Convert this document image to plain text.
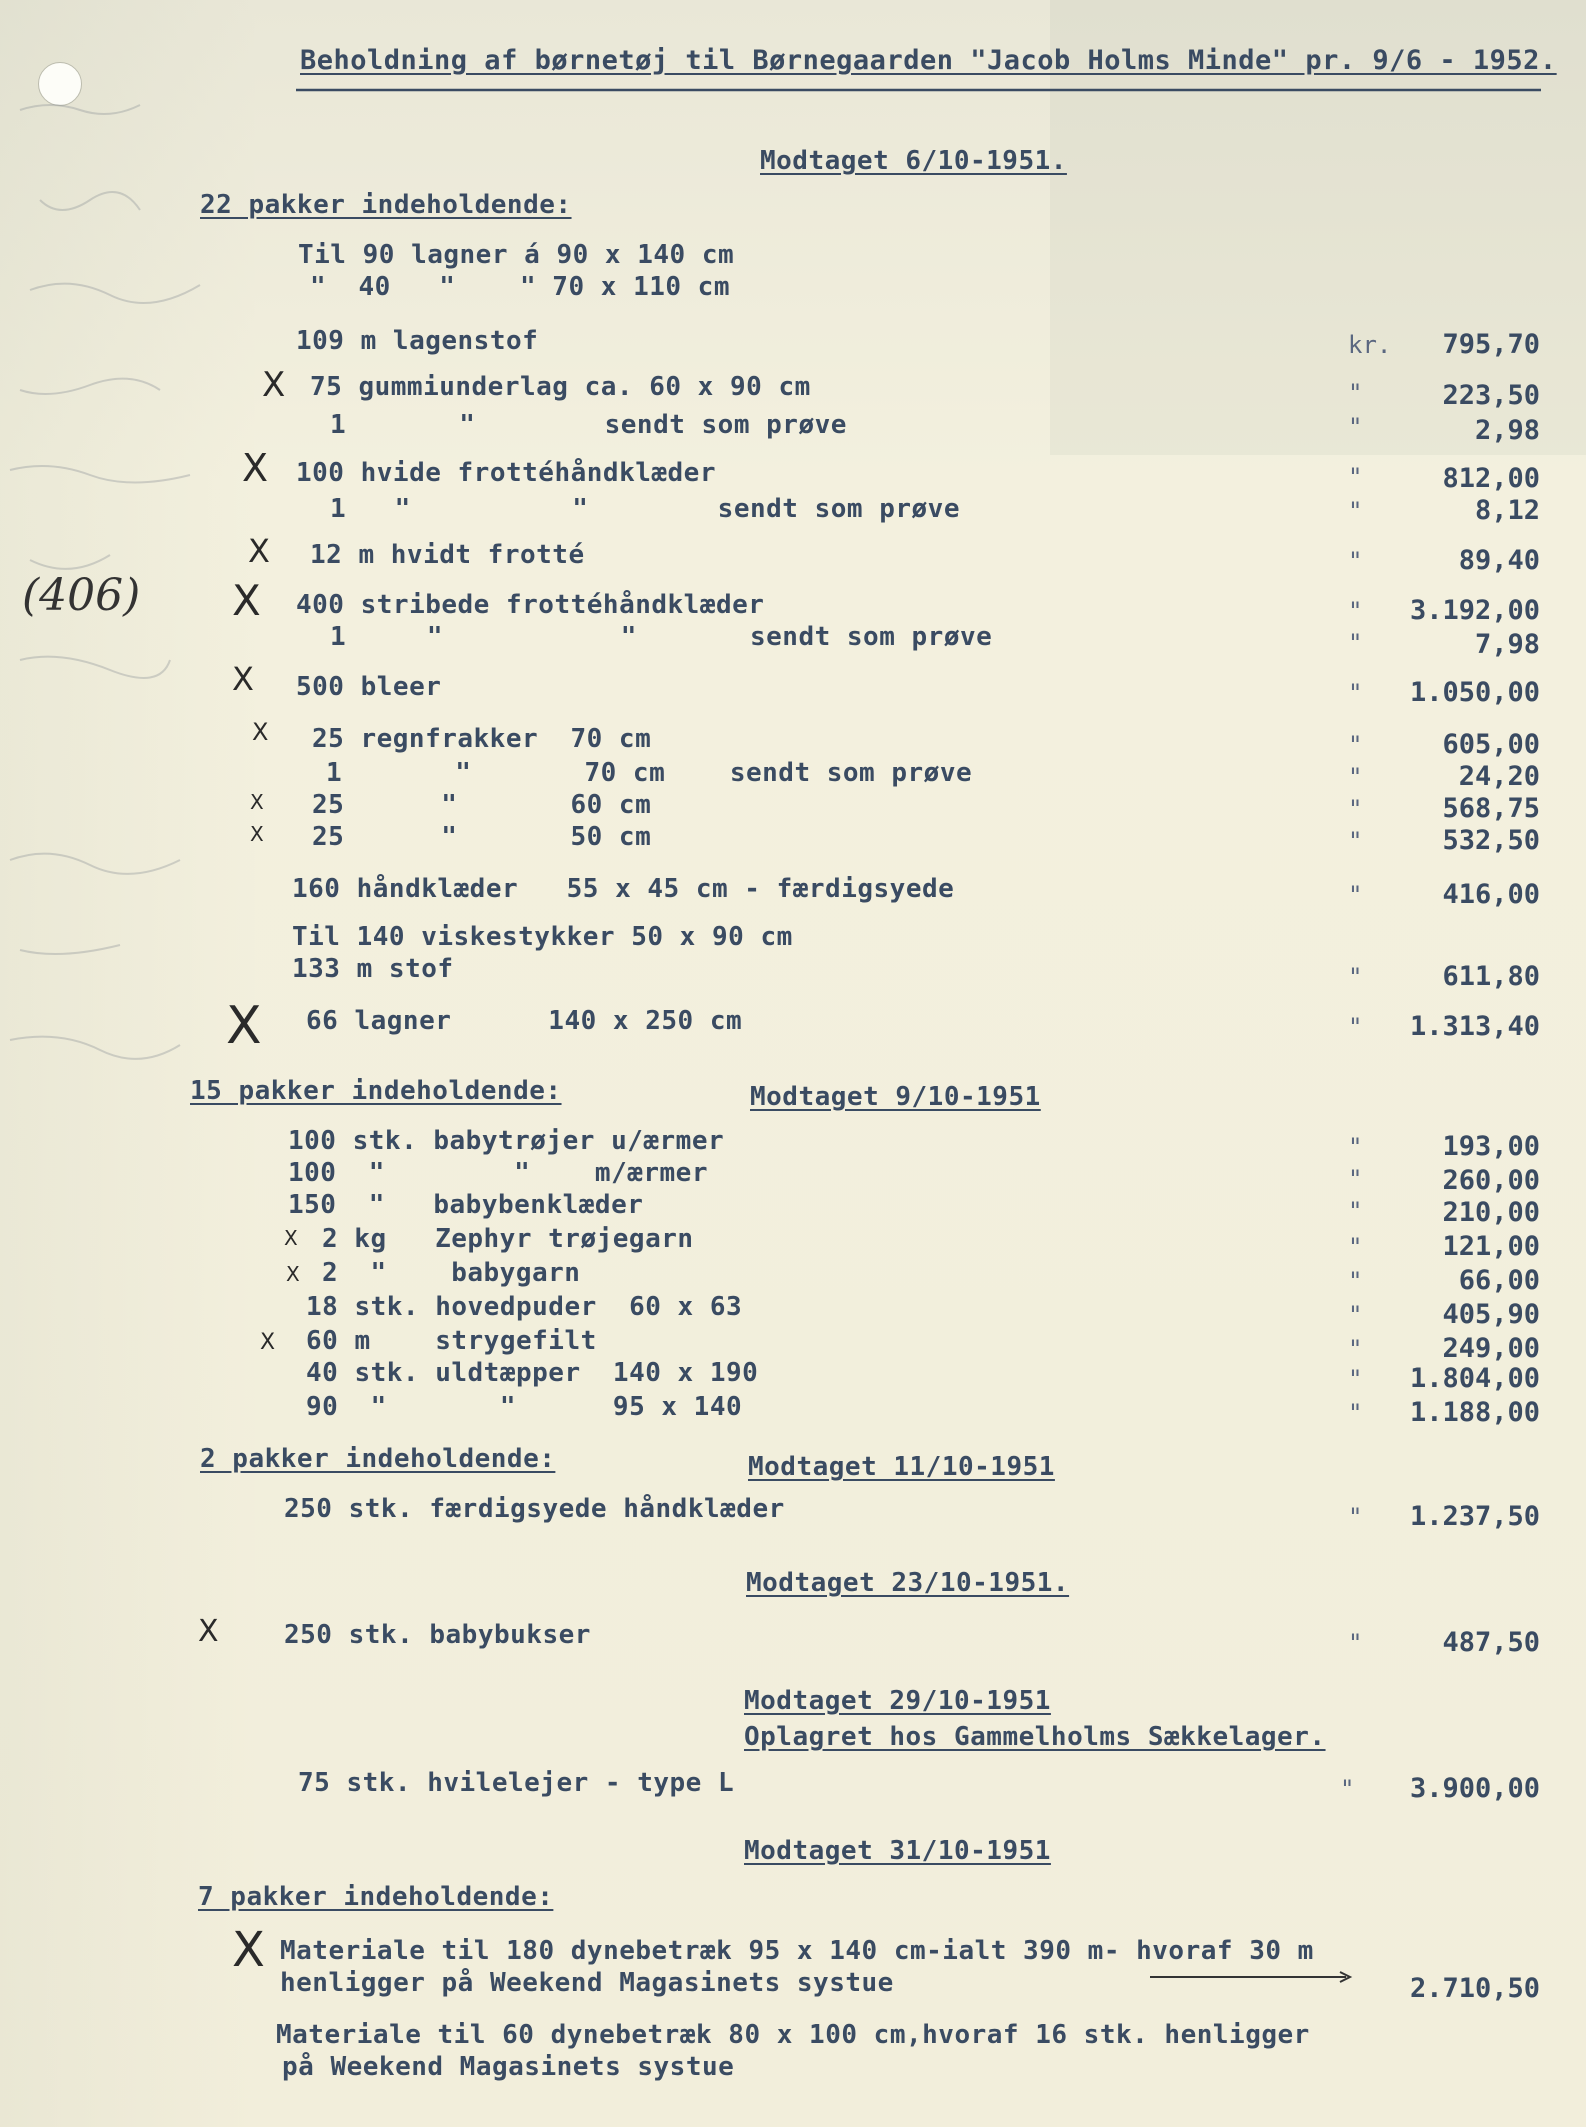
Beholdning af børnetøj til Børnegaarden "Jacob Holms Minde" pr. 9/6 - 1952.
Modtaget 6/10-1951.
22 pakker indeholdende:
Til 90 lagner á 90 x 140 cm
"  40   "    " 70 x 110 cm
109 m lagenstof	kr.	795,70
X 75 gummiunderlag ca. 60 x 90 cm	"	223,50
1       "        sendt som prøve	"	2,98
X 100 hvide frottéhåndklæder	"	812,00
1   "          "        sendt som prøve	"	8,12
X 12 m hvidt frotté	"	89,40
(406) X 400 stribede frottéhåndklæder	"	3.192,00
1     "           "       sendt som prøve	"	7,98
X 500 bleer	"	1.050,00
X 25 regnfrakker  70 cm	"	605,00
1       "       70 cm    sendt som prøve	"	24,20
X 25      "       60 cm	"	568,75
X 25      "       50 cm	"	532,50
160 håndklæder   55 x 45 cm - færdigsyede	"	416,00
Til 140 viskestykker 50 x 90 cm
133 m stof	"	611,80
X 66 lagner      140 x 250 cm	"	1.313,40
15 pakker indeholdende:	Modtaget 9/10-1951
100 stk. babytrøjer u/ærmer	"	193,00
100  "        "    m/ærmer	"	260,00
150  "   babybenklæder	"	210,00
X 2 kg   Zephyr trøjegarn	"	121,00
X 2  "    babygarn	"	66,00
18 stk. hovedpuder  60 x 63	"	405,90
X 60 m    strygefilt	"	249,00
40 stk. uldtæpper  140 x 190	"	1.804,00
90  "       "      95 x 140	"	1.188,00
2 pakker indeholdende:	Modtaget 11/10-1951
250 stk. færdigsyede håndklæder	"	1.237,50
Modtaget 23/10-1951.
X	250 stk. babybukser	"	487,50
Modtaget 29/10-1951
Oplagret hos Gammelholms Sækkelager.
75 stk. hvilelejer - type L	"	3.900,00
Modtaget 31/10-1951
7 pakker indeholdende:
X Materiale til 180 dynebetræk 95 x 140 cm-ialt 390 m- hvoraf 30 m
henligger på Weekend Magasinets systue	2.710,50
Materiale til 60 dynebetræk 80 x 100 cm,hvoraf 16 stk. henligger
på Weekend Magasinets systue
